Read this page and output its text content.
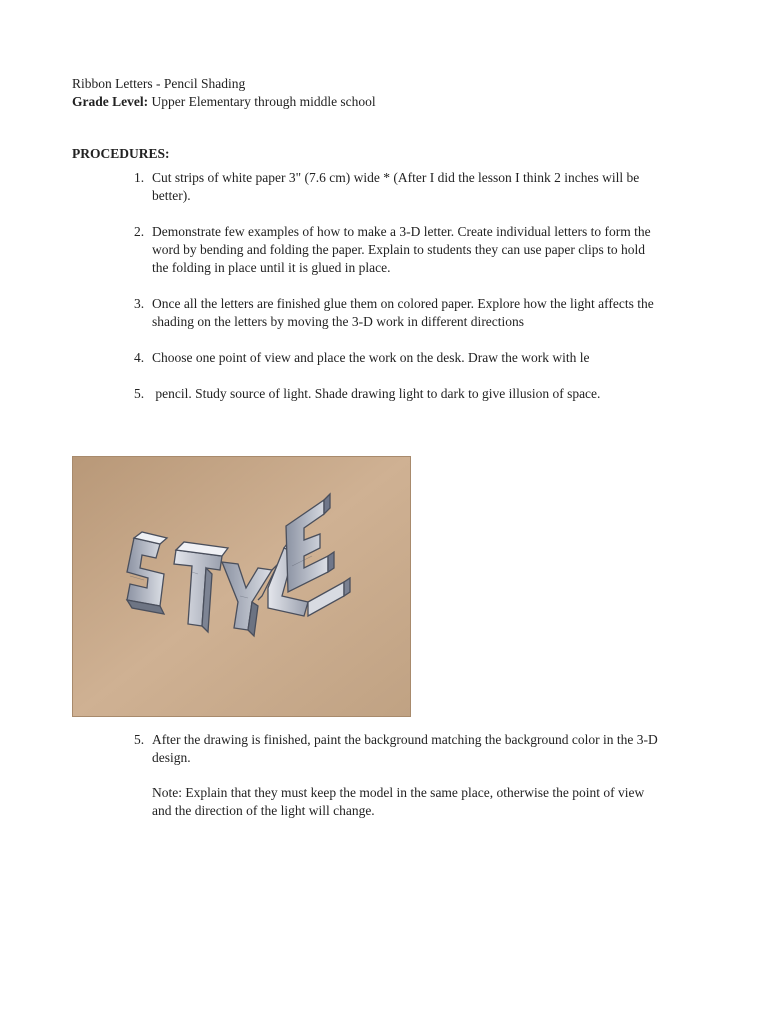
Ribbon Letters - Pencil Shading
Grade Level: Upper Elementary through middle school
PROCEDURES:
1. Cut strips of white paper 3" (7.6 cm) wide * (After I did the lesson I think 2 inches will be better).
2. Demonstrate few examples of how to make a 3-D letter. Create individual letters to form the word by bending and folding the paper. Explain to students they can use paper clips to hold the folding in place until it is glued in place.
3. Once all the letters are finished glue them on colored paper. Explore how the light affects the shading on the letters by moving the 3-D work in different directions
4. Choose one point of view and place the work on the desk. Draw the work with le
5. pencil. Study source of light. Shade drawing light to dark to give illusion of space.
5. After the drawing is finished, paint the background matching the background color in the 3-D design.
Note: Explain that they must keep the model in the same place, otherwise the point of view and the direction of the light will change.
